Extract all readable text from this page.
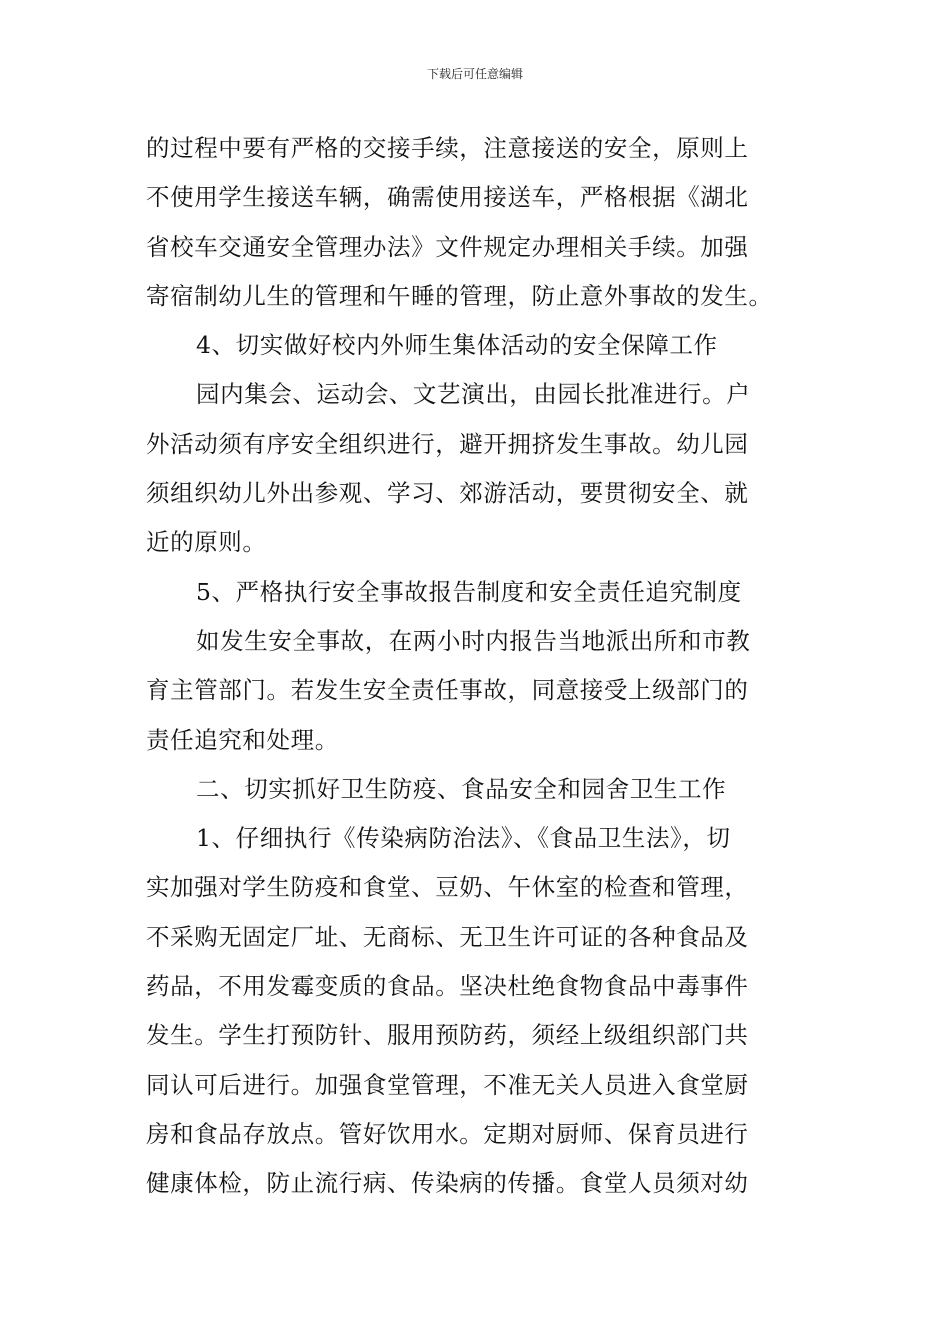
下载后可任意编辑
的过程中要有严格的交接手续，注意接送的安全，原则上
不使用学生接送车辆，确需使用接送车，严格根据《湖北
省校车交通安全管理办法》文件规定办理相关手续。加强
寄宿制幼儿生的管理和午睡的管理，防止意外事故的发生。
4、切实做好校内外师生集体活动的安全保障工作
园内集会、运动会、文艺演出，由园长批准进行。户
外活动须有序安全组织进行，避开拥挤发生事故。幼儿园
须组织幼儿外出参观、学习、郊游活动，要贯彻安全、就
近的原则。
5、严格执行安全事故报告制度和安全责任追究制度
如发生安全事故，在两小时内报告当地派出所和市教
育主管部门。若发生安全责任事故，同意接受上级部门的
责任追究和处理。
二、切实抓好卫生防疫、食品安全和园舍卫生工作
1、仔细执行《传染病防治法》、《食品卫生法》，切
实加强对学生防疫和食堂、豆奶、午休室的检查和管理，
不采购无固定厂址、无商标、无卫生许可证的各种食品及
药品，不用发霉变质的食品。坚决杜绝食物食品中毒事件
发生。学生打预防针、服用预防药，须经上级组织部门共
同认可后进行。加强食堂管理，不准无关人员进入食堂厨
房和食品存放点。管好饮用水。定期对厨师、保育员进行
健康体检，防止流行病、传染病的传播。食堂人员须对幼
